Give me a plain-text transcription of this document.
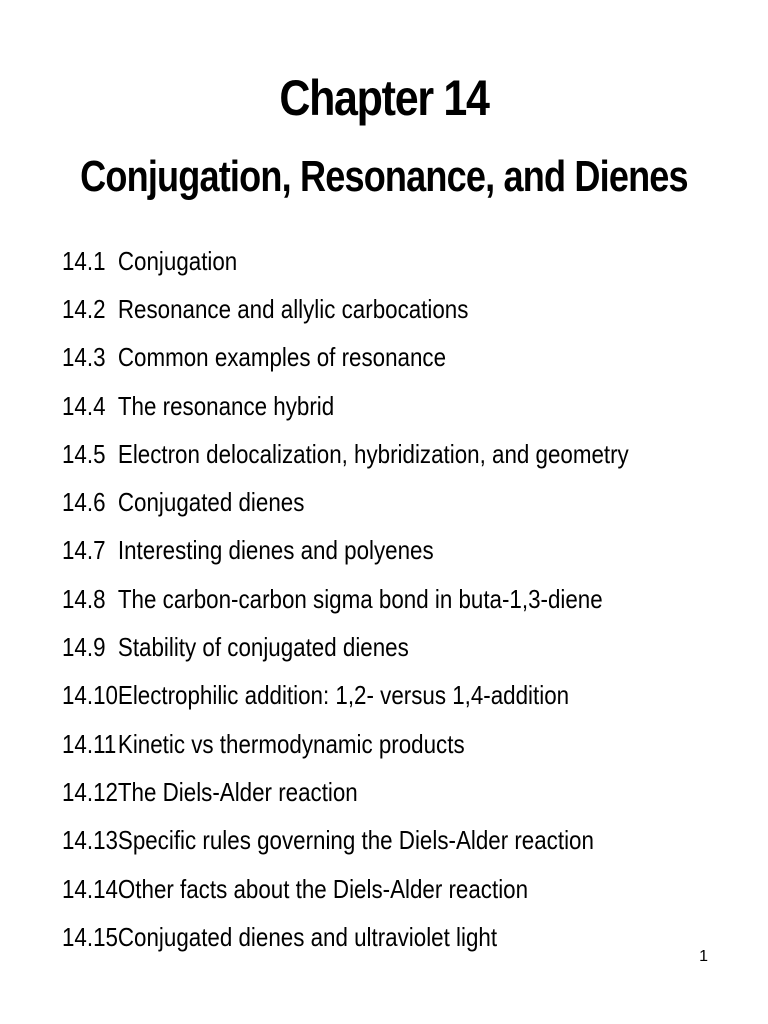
Chapter 14
Conjugation, Resonance, and Dienes
14.1 Conjugation
14.2 Resonance and allylic carbocations
14.3 Common examples of resonance
14.4 The resonance hybrid
14.5 Electron delocalization, hybridization, and geometry
14.6 Conjugated dienes
14.7 Interesting dienes and polyenes
14.8 The carbon-carbon sigma bond in buta-1,3-diene
14.9 Stability of conjugated dienes
14.10 Electrophilic addition: 1,2- versus 1,4-addition
14.11 Kinetic vs thermodynamic products
14.12 The Diels-Alder reaction
14.13 Specific rules governing the Diels-Alder reaction
14.14 Other facts about the Diels-Alder reaction
14.15 Conjugated dienes and ultraviolet light
1
